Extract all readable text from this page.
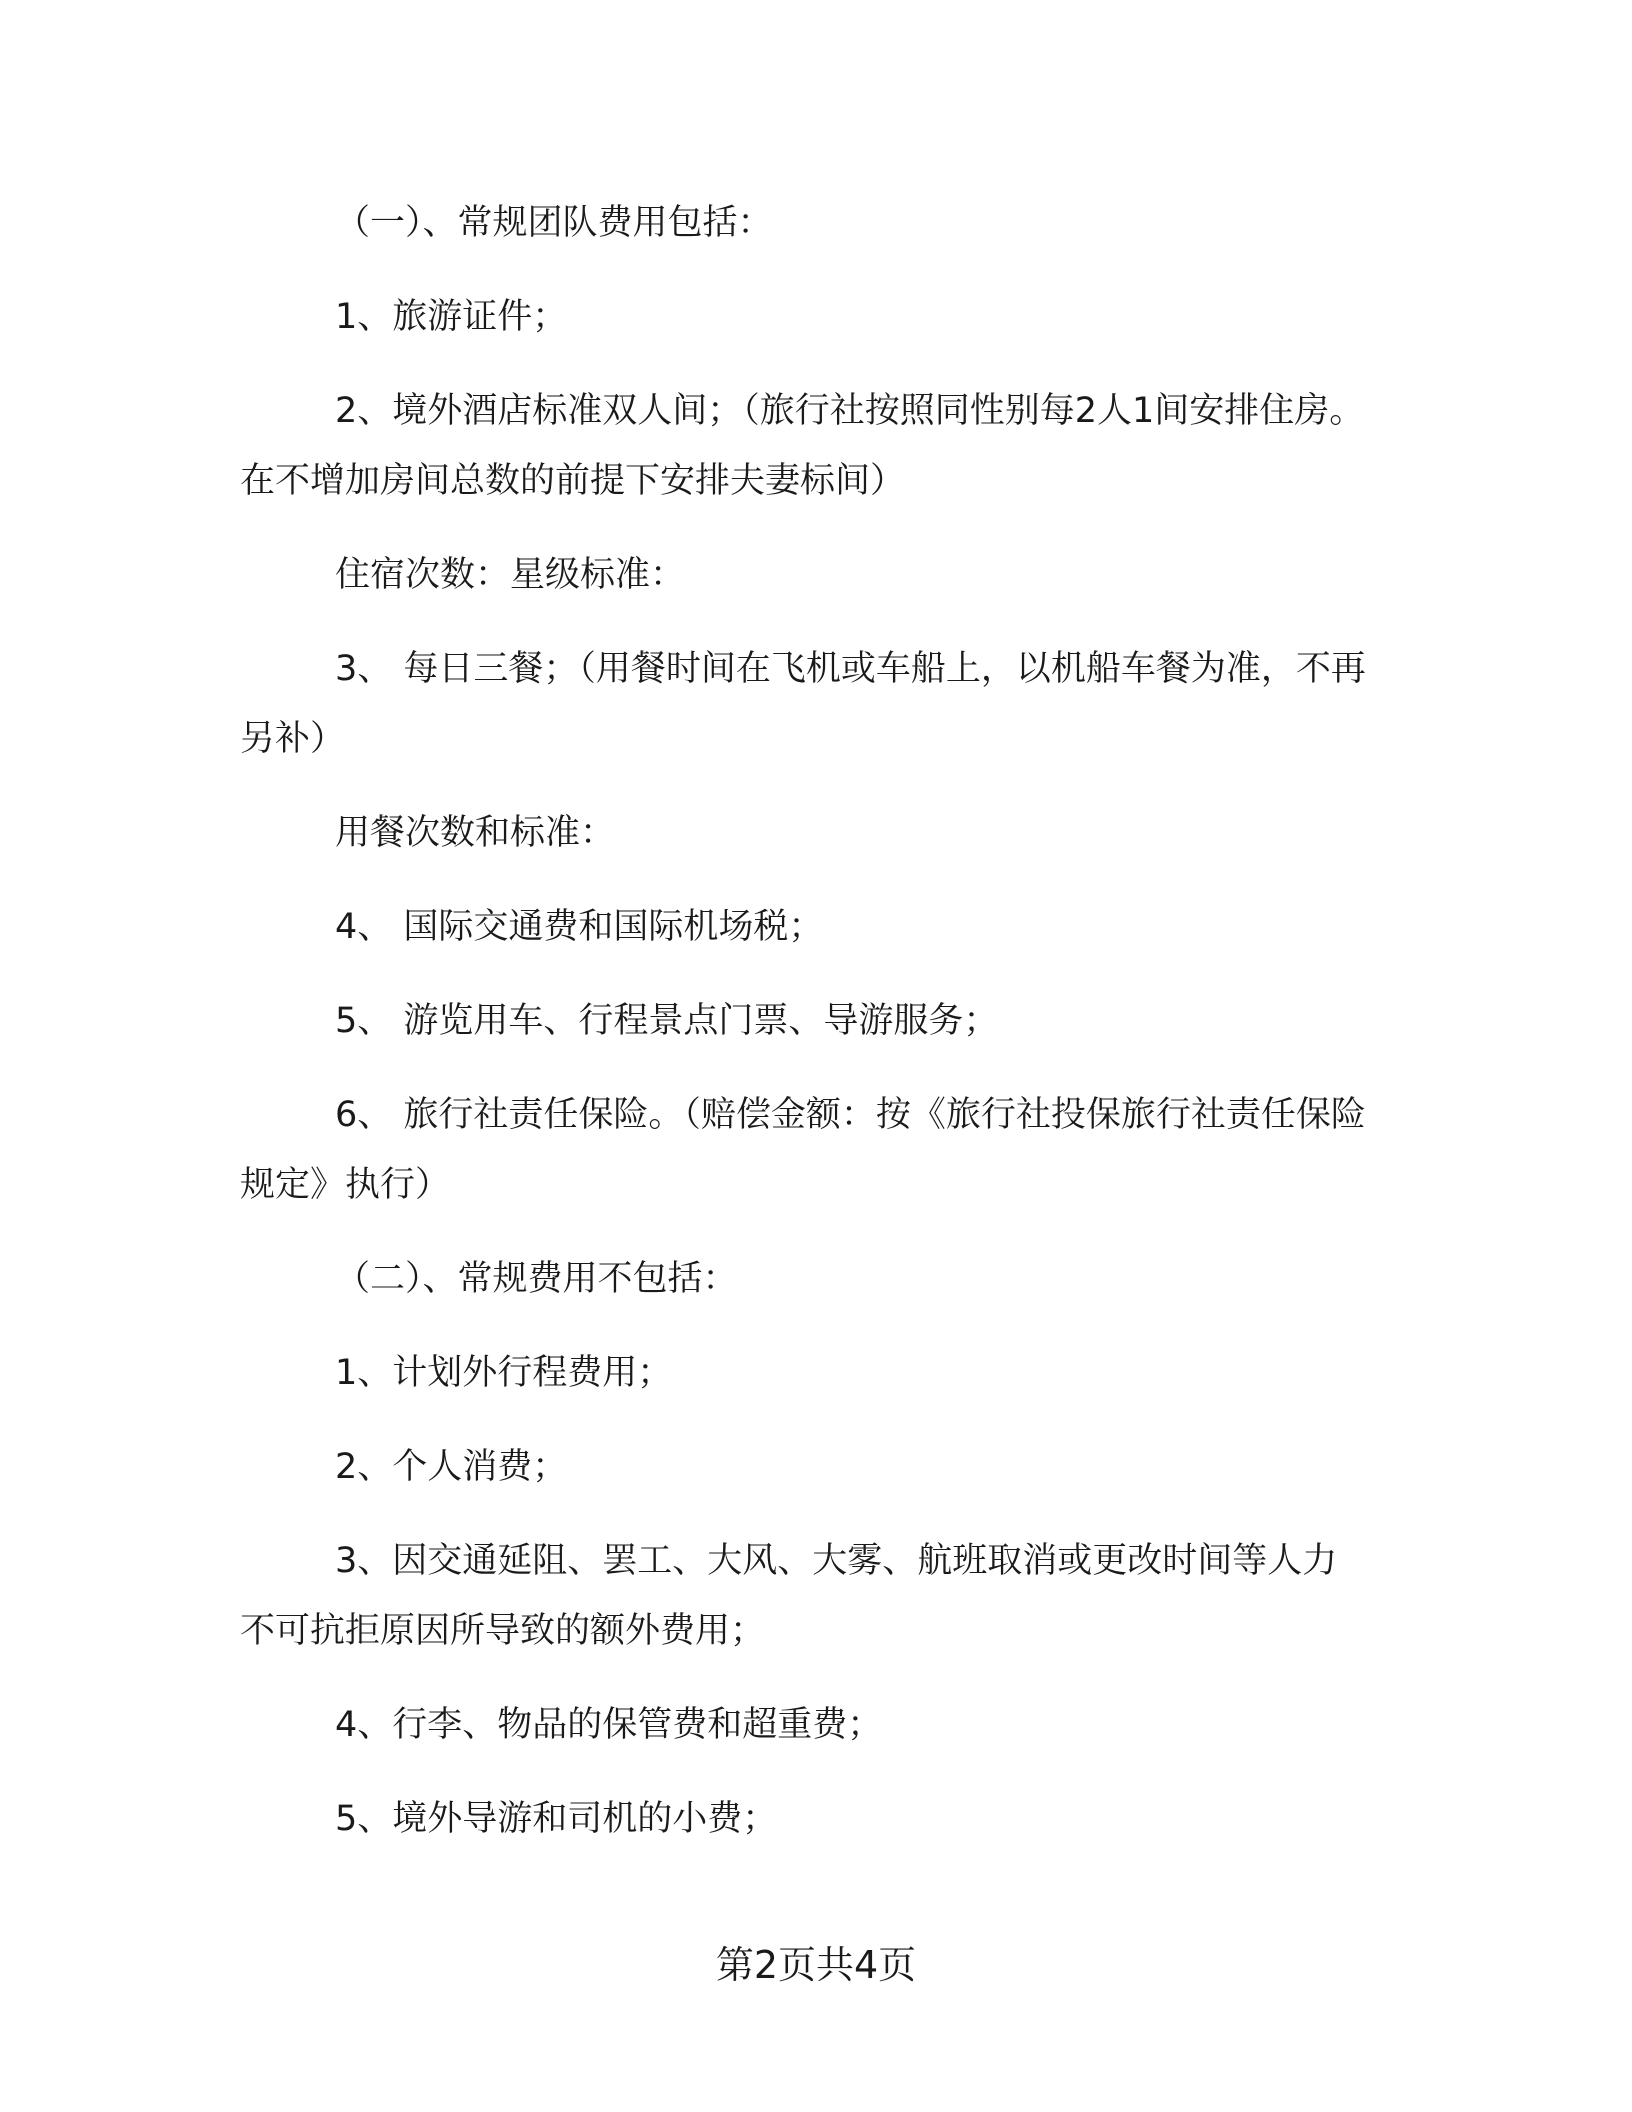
（一）、常规团队费用包括：

1、旅游证件；

2、境外酒店标准双人间；（旅行社按照同性别每2人1间安排住房。在不增加房间总数的前提下安排夫妻标间）

住宿次数：星级标准：

3、 每日三餐；（用餐时间在飞机或车船上，以机船车餐为准，不再另补）

用餐次数和标准：

4、 国际交通费和国际机场税；

5、 游览用车、行程景点门票、导游服务；

6、 旅行社责任保险。（赔偿金额：按《旅行社投保旅行社责任保险规定》执行）

（二）、常规费用不包括：

1、计划外行程费用；

2、个人消费；

3、因交通延阻、罢工、大风、大雾、航班取消或更改时间等人力不可抗拒原因所导致的额外费用；

4、行李、物品的保管费和超重费；

5、境外导游和司机的小费；

第2页共4页
